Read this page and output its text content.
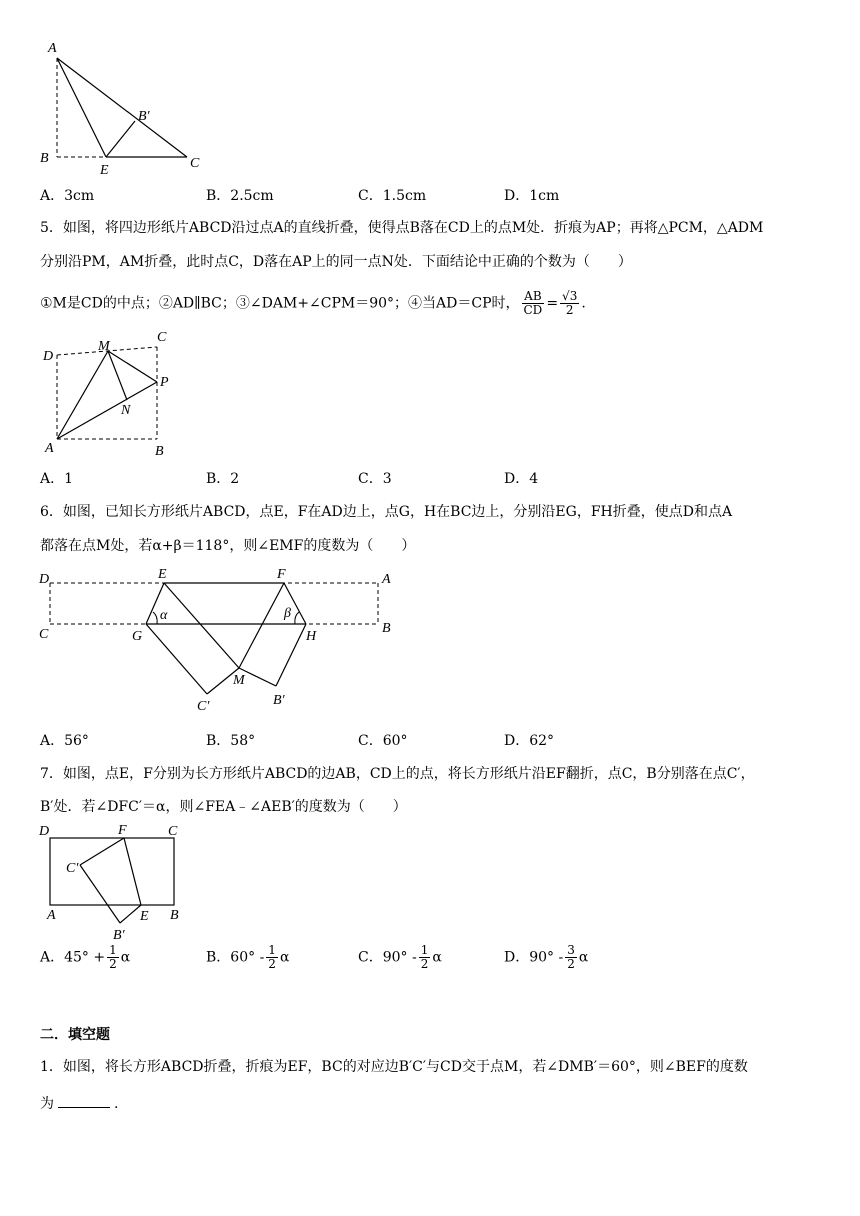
A
B	C
E
B′
A．3cm	B．2.5cm	C．1.5cm	D．1cm
5．如图，将四边形纸片ABCD沿过点A的直线折叠，使得点B落在CD上的点M处．折痕为AP；再将△PCM，△ADM
分别沿PM，AM折叠，此时点C，D落在AP上的同一点N处．下面结论中正确的个数为（　　）
①M是CD的中点；②AD∥BC；③∠DAM+∠CPM＝90°；④当AD＝CP时， $\frac{AB}{CD} = \frac{√3}{2}$ .
D
M
C
P
N
A	B
A．1	B．2	C．3	D．4
6．如图，已知长方形纸片ABCD，点E，F在AD边上，点G，H在BC边上，分别沿EG，FH折叠，使点D和点A
都落在点M处，若α+β＝118°，则∠EMF的度数为（　　）
D	E	F	A
C	G	H
B
M
C′	B′
α	β
A．56°	B．58°	C．60°	D．62°
7．如图，点E，F分别为长方形纸片ABCD的边AB，CD上的点，将长方形纸片沿EF翻折，点C，B分别落在点C′，
B′处．若∠DFC′＝α，则∠FEA﹣∠AEB′的度数为（　　）
D	F	C
C′
A	E B
B′
A．$45^\circ + \frac{1}{2}$ α	B．$60^\circ - \frac{1}{2}$ α	C．$90^\circ - \frac{1}{2}$ α	D．$90^\circ - \frac{3}{2}$ α
二．填空题
1．如图，将长方形ABCD折叠，折痕为EF，BC的对应边B′C′与CD交于点M，若∠DMB′＝60°，则∠BEF的度数
为	.
